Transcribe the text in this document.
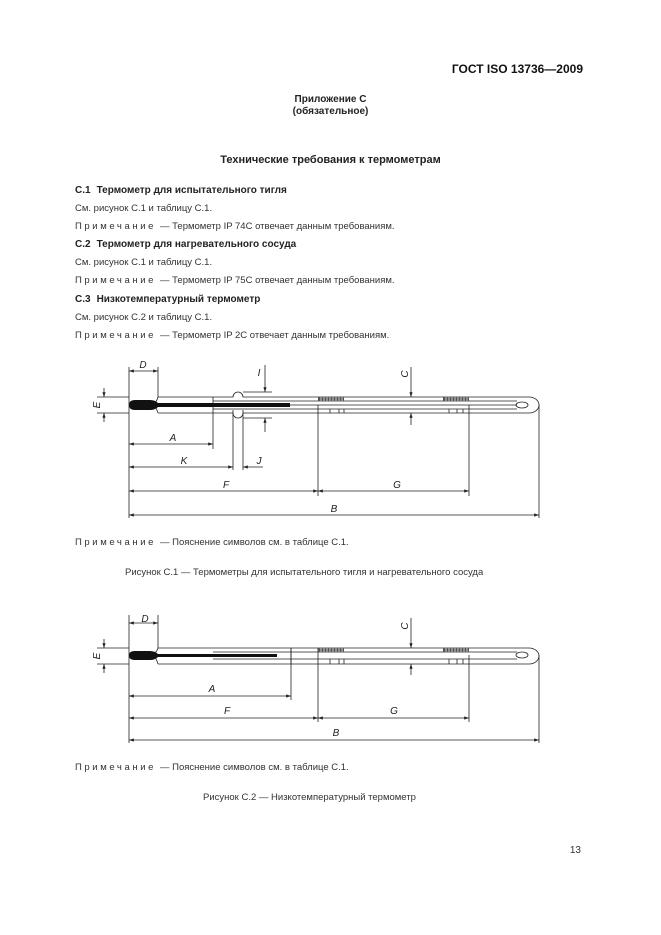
ГОСТ ISO 13736—2009
Приложение С
(обязательное)
Технические требования к термометрам
С.1 Термометр для испытательного тигля
См. рисунок С.1 и таблицу С.1.
Примечание — Термометр IP 74C отвечает данным требованиям.
С.2 Термометр для нагревательного сосуда
См. рисунок С.1 и таблицу С.1.
Примечание — Термометр IP 75C отвечает данным требованиям.
С.3 Низкотемпературный термометр
См. рисунок С.2 и таблицу С.1.
Примечание — Термометр IP 2C отвечает данным требованиям.
D
E
I	C
A
K	J
F	G
B
Примечание — Пояснение символов см. в таблице С.1.
Рисунок С.1 — Термометры для испытательного тигля и нагревательного сосуда
D
E
C
A
F	G
B
Примечание — Пояснение символов см. в таблице С.1.
Рисунок С.2 — Низкотемпературный термометр
13
